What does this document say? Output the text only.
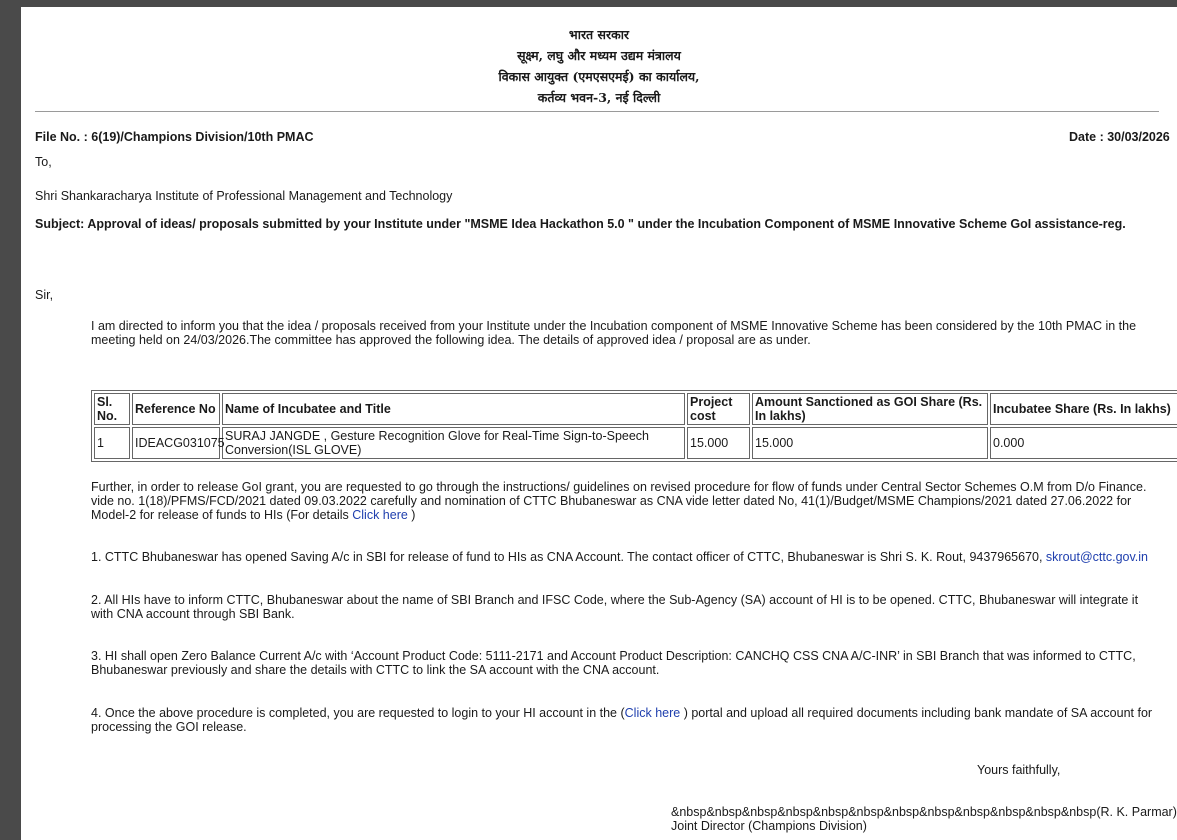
भारत सरकार
सूक्ष्म, लघु और मध्यम उद्यम मंत्रालय
विकास आयुक्त (एमएसएमई) का कार्यालय,
कर्तव्य भवन-3, नई दिल्ली
File No. : 6(19)/Champions Division/10th PMAC	Date : 30/03/2026
To,
Shri Shankaracharya Institute of Professional Management and Technology
Subject: Approval of ideas/ proposals submitted by your Institute under "MSME Idea Hackathon 5.0 " under the Incubation Component of MSME Innovative Scheme GoI assistance-reg.
Sir,
I am directed to inform you that the idea / proposals received from your Institute under the Incubation component of MSME Innovative Scheme has been considered by the 10th PMAC in the meeting held on 24/03/2026.The committee has approved the following idea. The details of approved idea / proposal are as under.
Sl. No.	Reference No	Name of Incubatee and Title	Project cost	Amount Sanctioned as GOI Share (Rs. In lakhs)	Incubatee Share (Rs. In lakhs)
1	IDEACG031075	SURAJ JANGDE , Gesture Recognition Glove for Real-Time Sign-to-Speech Conversion(ISL GLOVE)	15.000	15.000	0.000
Further, in order to release GoI grant, you are requested to go through the instructions/ guidelines on revised procedure for flow of funds under Central Sector Schemes O.M from D/o Finance. vide no. 1(18)/PFMS/FCD/2021 dated 09.03.2022 carefully and nomination of CTTC Bhubaneswar as CNA vide letter dated No, 41(1)/Budget/MSME Champions/2021 dated 27.06.2022 for Model-2 for release of funds to HIs (For details Click here )
1. CTTC Bhubaneswar has opened Saving A/c in SBI for release of fund to HIs as CNA Account. The contact officer of CTTC, Bhubaneswar is Shri S. K. Rout, 9437965670, skrout@cttc.gov.in
2. All HIs have to inform CTTC, Bhubaneswar about the name of SBI Branch and IFSC Code, where the Sub-Agency (SA) account of HI is to be opened. CTTC, Bhubaneswar will integrate it with CNA account through SBI Bank.
3. HI shall open Zero Balance Current A/c with ‘Account Product Code: 5111-2171 and Account Product Description: CANCHQ CSS CNA A/C-INR’ in SBI Branch that was informed to CTTC, Bhubaneswar previously and share the details with CTTC to link the SA account with the CNA account.
4. Once the above procedure is completed, you are requested to login to your HI account in the (Click here ) portal and upload all required documents including bank mandate of SA account for processing the GOI release.
Yours faithfully,
&nbsp&nbsp&nbsp&nbsp&nbsp&nbsp&nbsp&nbsp&nbsp&nbsp&nbsp&nbsp(R. K. Parmar)
Joint Director (Champions Division)
